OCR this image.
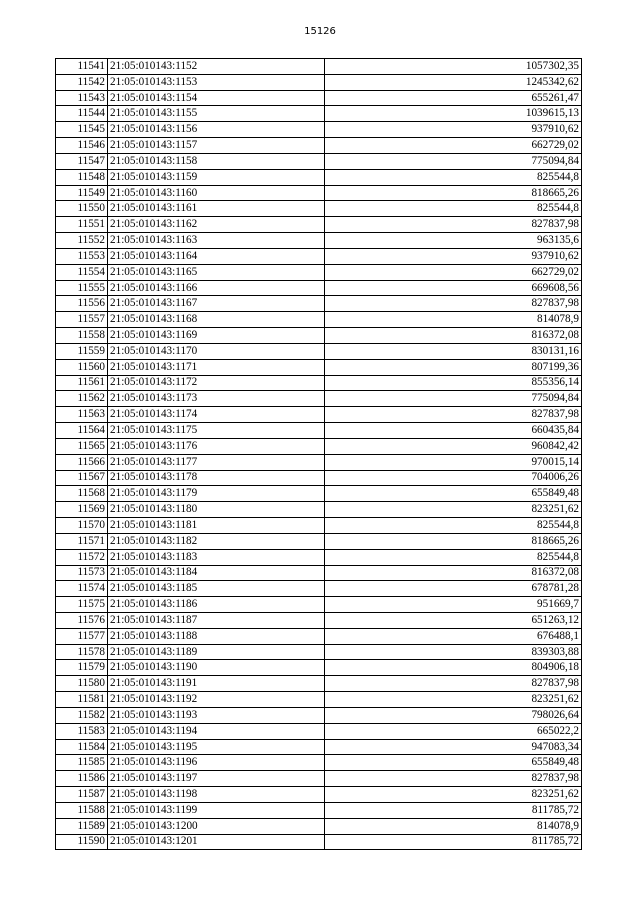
15126
11541	21:05:010143:1152	1057302,35
11542	21:05:010143:1153	1245342,62
11543	21:05:010143:1154	655261,47
11544	21:05:010143:1155	1039615,13
11545	21:05:010143:1156	937910,62
11546	21:05:010143:1157	662729,02
11547	21:05:010143:1158	775094,84
11548	21:05:010143:1159	825544,8
11549	21:05:010143:1160	818665,26
11550	21:05:010143:1161	825544,8
11551	21:05:010143:1162	827837,98
11552	21:05:010143:1163	963135,6
11553	21:05:010143:1164	937910,62
11554	21:05:010143:1165	662729,02
11555	21:05:010143:1166	669608,56
11556	21:05:010143:1167	827837,98
11557	21:05:010143:1168	814078,9
11558	21:05:010143:1169	816372,08
11559	21:05:010143:1170	830131,16
11560	21:05:010143:1171	807199,36
11561	21:05:010143:1172	855356,14
11562	21:05:010143:1173	775094,84
11563	21:05:010143:1174	827837,98
11564	21:05:010143:1175	660435,84
11565	21:05:010143:1176	960842,42
11566	21:05:010143:1177	970015,14
11567	21:05:010143:1178	704006,26
11568	21:05:010143:1179	655849,48
11569	21:05:010143:1180	823251,62
11570	21:05:010143:1181	825544,8
11571	21:05:010143:1182	818665,26
11572	21:05:010143:1183	825544,8
11573	21:05:010143:1184	816372,08
11574	21:05:010143:1185	678781,28
11575	21:05:010143:1186	951669,7
11576	21:05:010143:1187	651263,12
11577	21:05:010143:1188	676488,1
11578	21:05:010143:1189	839303,88
11579	21:05:010143:1190	804906,18
11580	21:05:010143:1191	827837,98
11581	21:05:010143:1192	823251,62
11582	21:05:010143:1193	798026,64
11583	21:05:010143:1194	665022,2
11584	21:05:010143:1195	947083,34
11585	21:05:010143:1196	655849,48
11586	21:05:010143:1197	827837,98
11587	21:05:010143:1198	823251,62
11588	21:05:010143:1199	811785,72
11589	21:05:010143:1200	814078,9
11590	21:05:010143:1201	811785,72
